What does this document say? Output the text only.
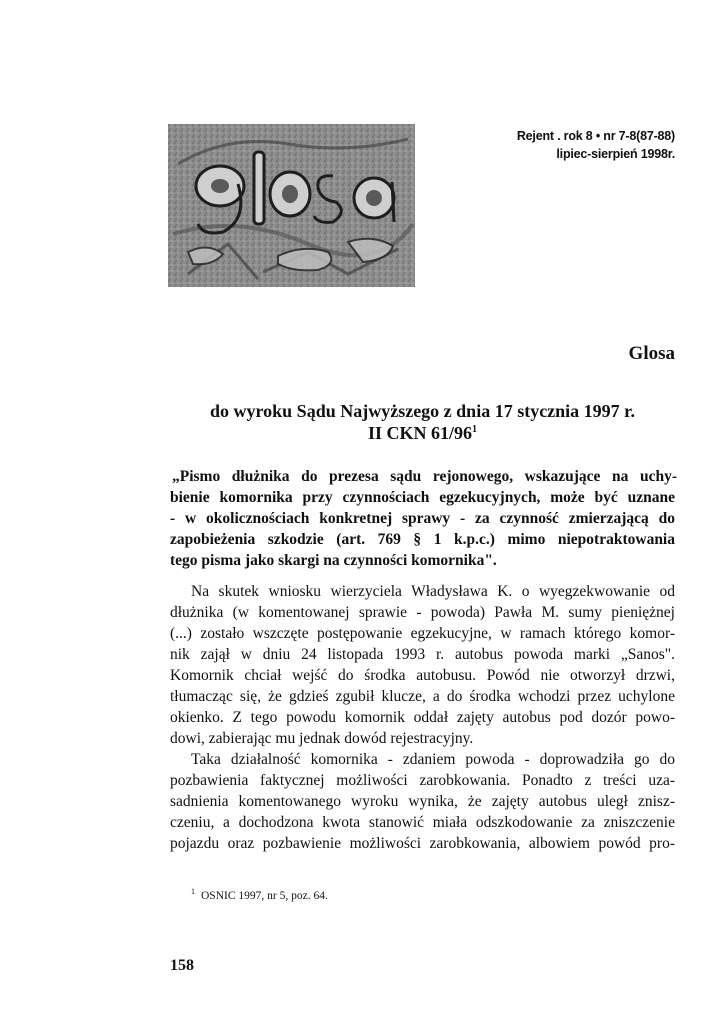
Rejent . rok 8 • nr 7-8(87-88)
lipiec-sierpień 1998r.
Glosa
do wyroku Sądu Najwyższego z dnia 17 stycznia 1997 r.
II CKN $61/96^1$
„Pismo dłużnika do prezesa sądu rejonowego, wskazujące na uchy-
bienie komornika przy czynnościach egzekucyjnych, może być uznane
- w okolicznościach konkretnej sprawy - za czynność zmierzającą do
zapobieżenia szkodzie (art. 769 § 1 k.p.c.) mimo niepotraktowania
tego pisma jako skargi na czynności komornika".
Na skutek wniosku wierzyciela Władysława K. o wyegzekwowanie od
dłużnika (w komentowanej sprawie - powoda) Pawła M. sumy pieniężnej
(...) zostało wszczęte postępowanie egzekucyjne, w ramach którego komor-
nik zajął w dniu 24 listopada 1993 r. autobus powoda marki „Sanos".
Komornik chciał wejść do środka autobusu. Powód nie otworzył drzwi,
tłumacząc się, że gdzieś zgubił klucze, a do środka wchodzi przez uchylone
okienko. Z tego powodu komornik oddał zajęty autobus pod dozór powo-
dowi, zabierając mu jednak dowód rejestracyjny.
Taka działalność komornika - zdaniem powoda - doprowadziła go do
pozbawienia faktycznej możliwości zarobkowania. Ponadto z treści uza-
sadnienia komentowanego wyroku wynika, że zajęty autobus uległ znisz-
czeniu, a dochodzona kwota stanowić miała odszkodowanie za zniszczenie
pojazdu oraz pozbawienie możliwości zarobkowania, albowiem powód pro-
$^1$ OSNIC 1997, nr 5, poz. 64.
158
